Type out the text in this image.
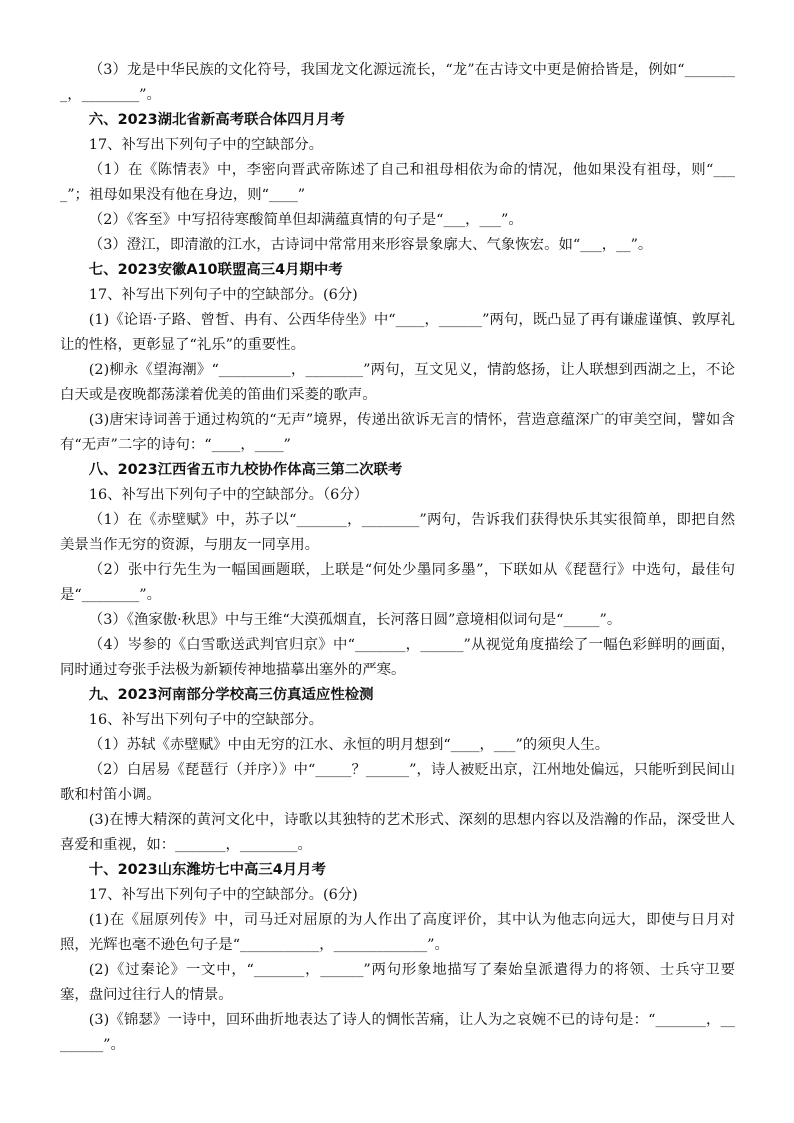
（3）龙是中华民族的文化符号，我国龙文化源远流长，“龙”在古诗文中更是俯拾皆是，例如“________，________”。

六、2023湖北省新高考联合体四月月考

17、补写出下列句子中的空缺部分。

（1）在《陈情表》中，李密向晋武帝陈述了自己和祖母相依为命的情况，他如果没有祖母，则“____”；祖母如果没有他在身边，则“____”

（2）《客至》中写招待寒酸简单但却满蕴真情的句子是“___，___”。

（3）澄江，即清澈的江水，古诗词中常常用来形容景象廓大、气象恢宏。如“___，__”。

七、2023安徽A10联盟高三4月期中考

17、补写出下列句子中的空缺部分。(6分)

(1)《论语·子路、曾皙、冉有、公西华侍坐》中“____，______”两句，既凸显了再有谦虚谨慎、敦厚礼让的性格，更彰显了“礼乐”的重要性。

(2)柳永《望海潮》“__________，________”两句，互文见义，情韵悠扬，让人联想到西湖之上，不论白天或是夜晚都荡漾着优美的笛曲们采菱的歌声。

(3)唐宋诗词善于通过构筑的“无声”境界，传递出欲诉无言的情怀，营造意蕴深广的审美空间，譬如含有“无声”二字的诗句：“____，____”

八、2023江西省五市九校协作体高三第二次联考

16、补写出下列句子中的空缺部分。（6分）

（1）在《赤壁赋》中，苏子以“_______，________”两句，告诉我们获得快乐其实很简单，即把自然美景当作无穷的资源，与朋友一同享用。

（2）张中行先生为一幅国画题联，上联是“何处少墨同多墨”，下联如从《琵琶行》中选句，最佳句是“________”。

（3）《渔家傲·秋思》中与王维“大漠孤烟直，长河落日圆”意境相似词句是“_____”。

（4）岑参的《白雪歌送武判官归京》中“_______，______”从视觉角度描绘了一幅色彩鲜明的画面，同时通过夸张手法极为新颖传神地描摹出塞外的严寒。

九、2023河南部分学校高三仿真适应性检测

16、补写出下列句子中的空缺部分。

（1）苏轼《赤壁赋》中由无穷的江水、永恒的明月想到“____，___”的须臾人生。

（2）白居易《琵琶行（并序）》中“_____？______”，诗人被贬出京，江州地处偏远，只能听到民间山歌和村笛小调。

(3)在博大精深的黄河文化中，诗歌以其独特的艺术形式、深刻的思想内容以及浩瀚的作品，深受世人喜爱和重视，如：_______，________。

十、2023山东潍坊七中高三4月月考

17、补写出下列句子中的空缺部分。(6分)

(1)在《屈原列传》中，司马迁对屈原的为人作出了高度评价，其中认为他志向远大，即使与日月对照，光辉也毫不逊色句子是“___________，_____________”。

(2)《过秦论》一文中，“_______，______”两句形象地描写了秦始皇派遣得力的将领、士兵守卫要塞，盘问过往行人的情景。

(3)《锦瑟》一诗中，回环曲折地表达了诗人的惆怅苦痛，让人为之哀婉不已的诗句是：“_______，________”。
